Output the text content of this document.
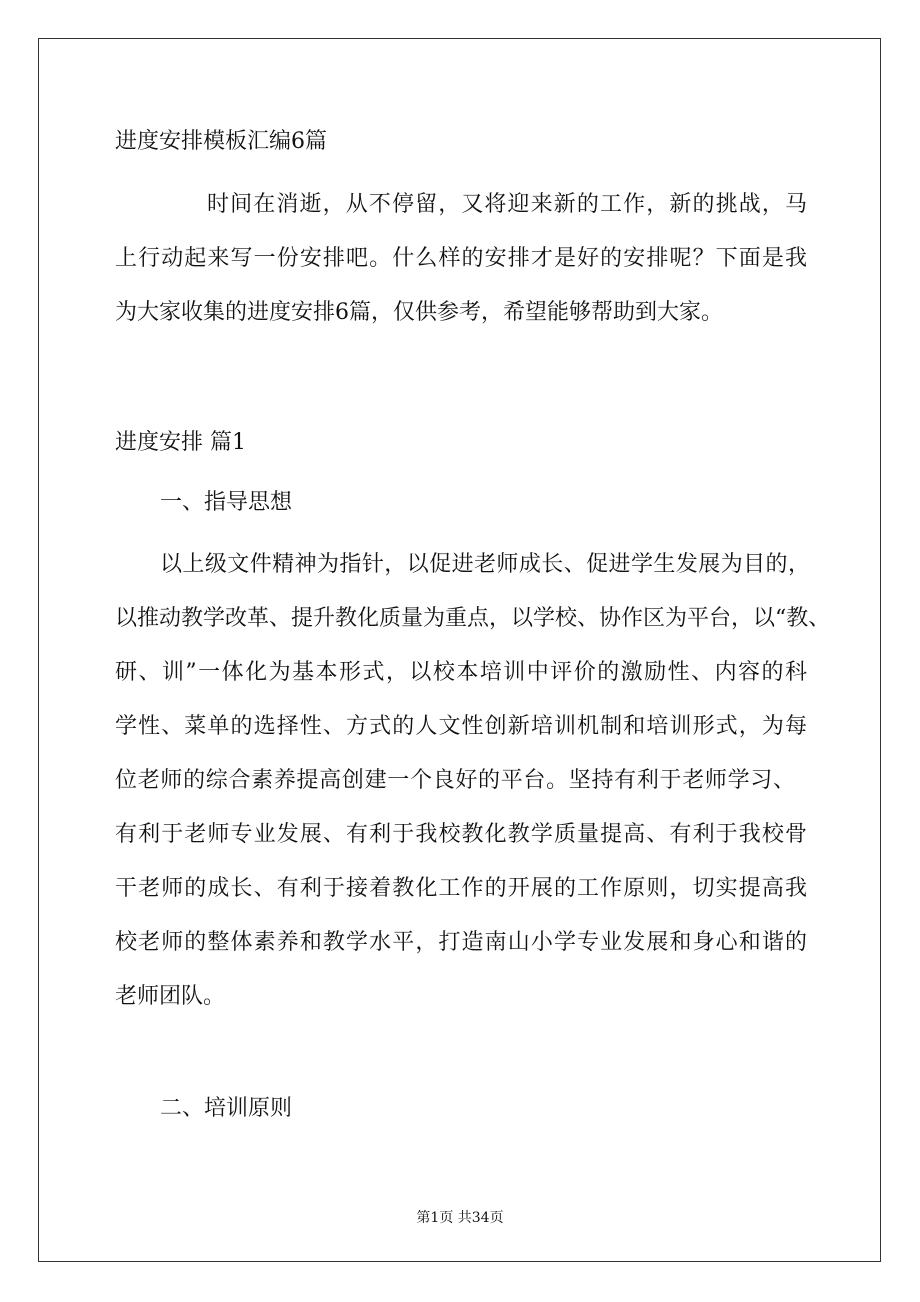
进度安排模板汇编6篇
时间在消逝，从不停留，又将迎来新的工作，新的挑战，马
上行动起来写一份安排吧。什么样的安排才是好的安排呢？下面是我
为大家收集的进度安排6篇，仅供参考，希望能够帮助到大家。
进度安排 篇1
一、指导思想
以上级文件精神为指针，以促进老师成长、促进学生发展为目的，
以推动教学改革、提升教化质量为重点，以学校、协作区为平台，以“教、
研、训”一体化为基本形式，以校本培训中评价的激励性、内容的科
学性、菜单的选择性、方式的人文性创新培训机制和培训形式，为每
位老师的综合素养提高创建一个良好的平台。坚持有利于老师学习、
有利于老师专业发展、有利于我校教化教学质量提高、有利于我校骨
干老师的成长、有利于接着教化工作的开展的工作原则，切实提高我
校老师的整体素养和教学水平，打造南山小学专业发展和身心和谐的
老师团队。
二、培训原则
第1页 共34页
